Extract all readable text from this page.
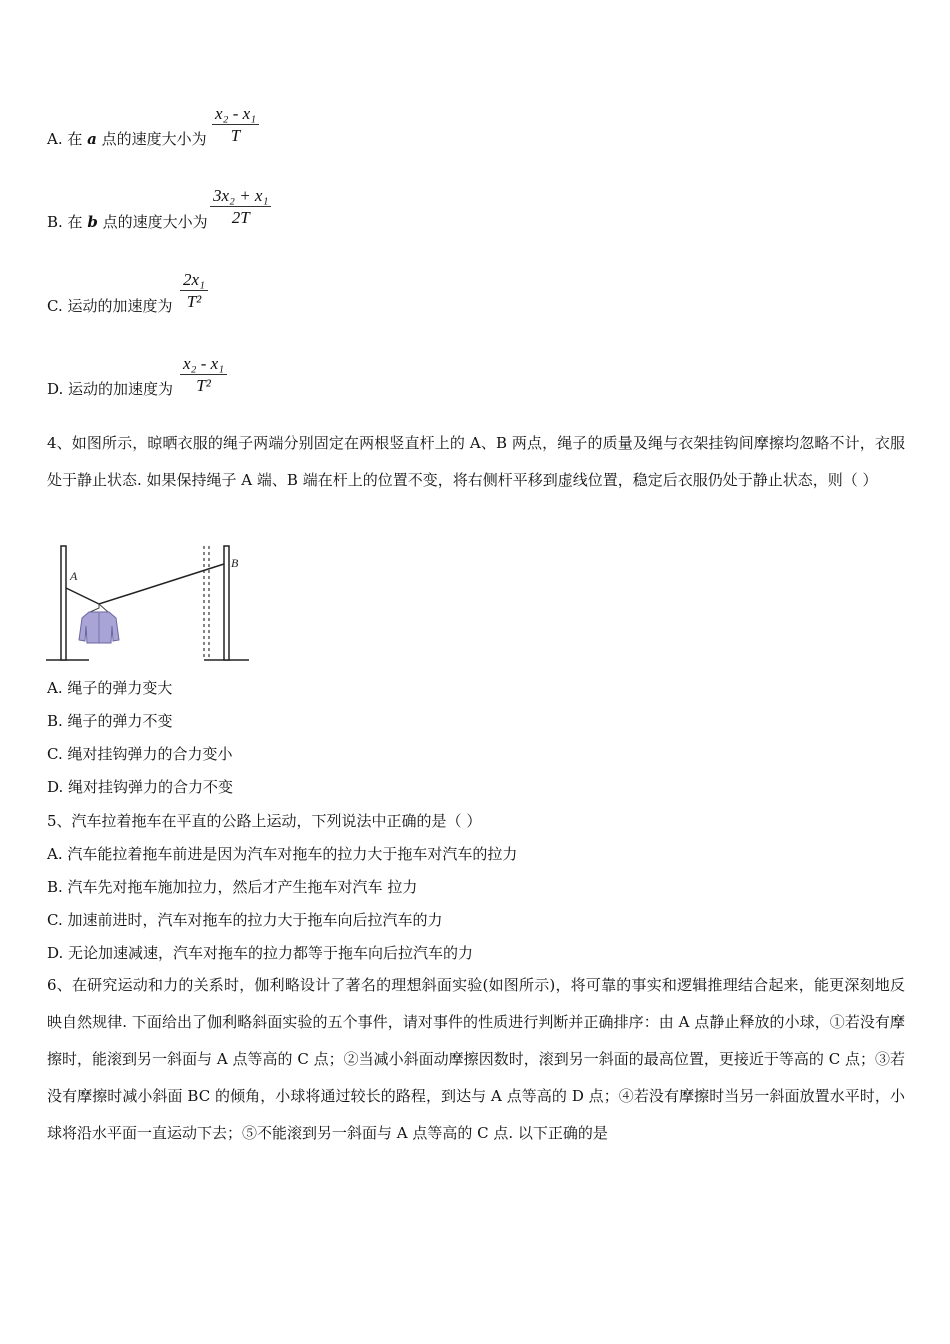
A. 在 a 点的速度大小为 $\frac{\text{x₂ - x₁}}{T}$
B. 在 b 点的速度大小为 $\frac{\text{3x₂ + x₁}}{2T}$
C. 运动的加速度为 $\frac{\text{2x₁}}{\text{T²}}$
D. 运动的加速度为 $\frac{\text{x₂ - x₁}}{\text{T²}}$
4、如图所示，晾晒衣服的绳子两端分别固定在两根竖直杆上的 A、B 两点，绳子的质量及绳与衣架挂钩间摩擦均忽略不计，衣服处于静止状态. 如果保持绳子 A 端、B 端在杆上的位置不变，将右侧杆平移到虚线位置，稳定后衣服仍处于静止状态，则（ ）
A
B
A. 绳子的弹力变大
B. 绳子的弹力不变
C. 绳对挂钩弹力的合力变小
D. 绳对挂钩弹力的合力不变
5、汽车拉着拖车在平直的公路上运动，下列说法中正确的是（ ）
A. 汽车能拉着拖车前进是因为汽车对拖车的拉力大于拖车对汽车的拉力
B. 汽车先对拖车施加拉力，然后才产生拖车对汽车 拉力
C. 加速前进时，汽车对拖车的拉力大于拖车向后拉汽车的力
D. 无论加速减速，汽车对拖车的拉力都等于拖车向后拉汽车的力
6、在研究运动和力的关系时，伽利略设计了著名的理想斜面实验(如图所示)，将可靠的事实和逻辑推理结合起来，能更深刻地反映自然规律. 下面给出了伽利略斜面实验的五个事件，请对事件的性质进行判断并正确排序：由 A 点静止释放的小球，①若没有摩擦时，能滚到另一斜面与 A 点等高的 C 点；②当减小斜面动摩擦因数时，滚到另一斜面的最高位置，更接近于等高的 C 点；③若没有摩擦时减小斜面 BC 的倾角，小球将通过较长的路程，到达与 A 点等高的 D 点；④若没有摩擦时当另一斜面放置水平时，小球将沿水平面一直运动下去；⑤不能滚到另一斜面与 A 点等高的 C 点. 以下正确的是
